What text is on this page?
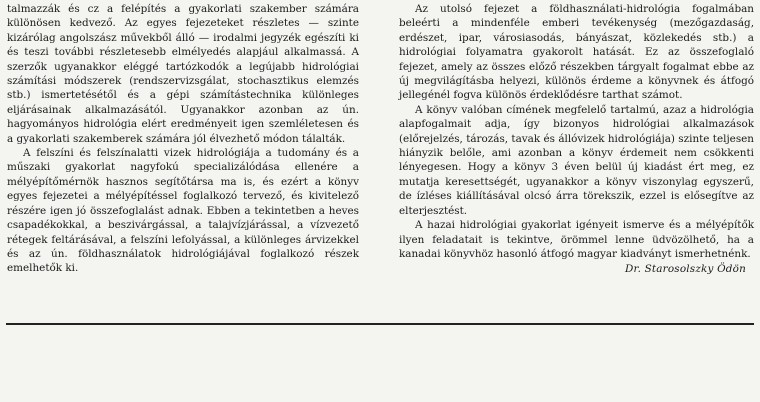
talmazzák és cz a felépítés a gyakorlati szakember számára különösen kedvező. Az egyes fejezeteket részletes — szinte kizárólag angolszász művekből álló — irodalmi jegyzék egészíti ki és teszi további részletesebb elmélyedés alapjául alkalmassá. A szerzők ugyanakkor eléggé tartózkodók a legújabb hidrológiai számítási módszerek (rendszervizsgálat, stochasztikus elemzés stb.) ismertetésétől és a gépi számítástechnika különleges eljárásainak alkalmazásától. Ugyanakkor azonban az ún. hagyományos hidrológia elért eredményeit igen szemléletesen és a gyakorlati szakemberek számára jól élvezhető módon tálalták.

A felszíni és felszínalatti vizek hidrológiája a tudomány és a műszaki gyakorlat nagyfokú specializálódása ellenére a mélyépítőmérnök hasznos segítőtársa ma is, és ezért a könyv egyes fejezetei a mélyépítéssel foglalkozó tervező, és kivitelező részére igen jó összefoglalást adnak. Ebben a tekintetben a heves csapadékokkal, a beszivárgással, a talajvízjárással, a vízvezető rétegek feltárásával, a felszíni lefolyással, a különleges árvizekkel és az ún. földhasználatok hidrológiájával foglalkozó részek emelhetők ki.

Az utolsó fejezet a földhasználati-hidrológia fogalmában beleérti a mindenféle emberi tevékenység (mezőgazdaság, erdészet, ipar, városiasodás, bányászat, közlekedés stb.) a hidrológiai folyamatra gyakorolt hatását. Ez az összefoglaló fejezet, amely az összes előző részekben tárgyalt fogalmat ebbe az új megvilágításba helyezi, különös érdeme a könyvnek és átfogó jellegénél fogva különös érdeklődésre tarthat számot.

A könyv valóban címének megfelelő tartalmú, azaz a hidrológia alapfogalmait adja, így bizonyos hidrológiai alkalmazások (előrejelzés, tározás, tavak és állóvizek hidrológiája) szinte teljesen hiányzik belőle, ami azonban a könyv érdemeit nem csökkenti lényegesen. Hogy a könyv 3 éven belül új kiadást ért meg, ez mutatja keresettségét, ugyanakkor a könyv viszonylag egyszerű, de ízléses kiállításával olcsó árra törekszik, ezzel is elősegítve az elterjesztést.

A hazai hidrológiai gyakorlat igényeit ismerve és a mélyépítők ilyen feladatait is tekintve, örömmel lenne üdvözölhető, ha a kanadai könyvhöz hasonló átfogó magyar kiadványt ismerhetnénk.

Dr. Starosolszky Ödön
